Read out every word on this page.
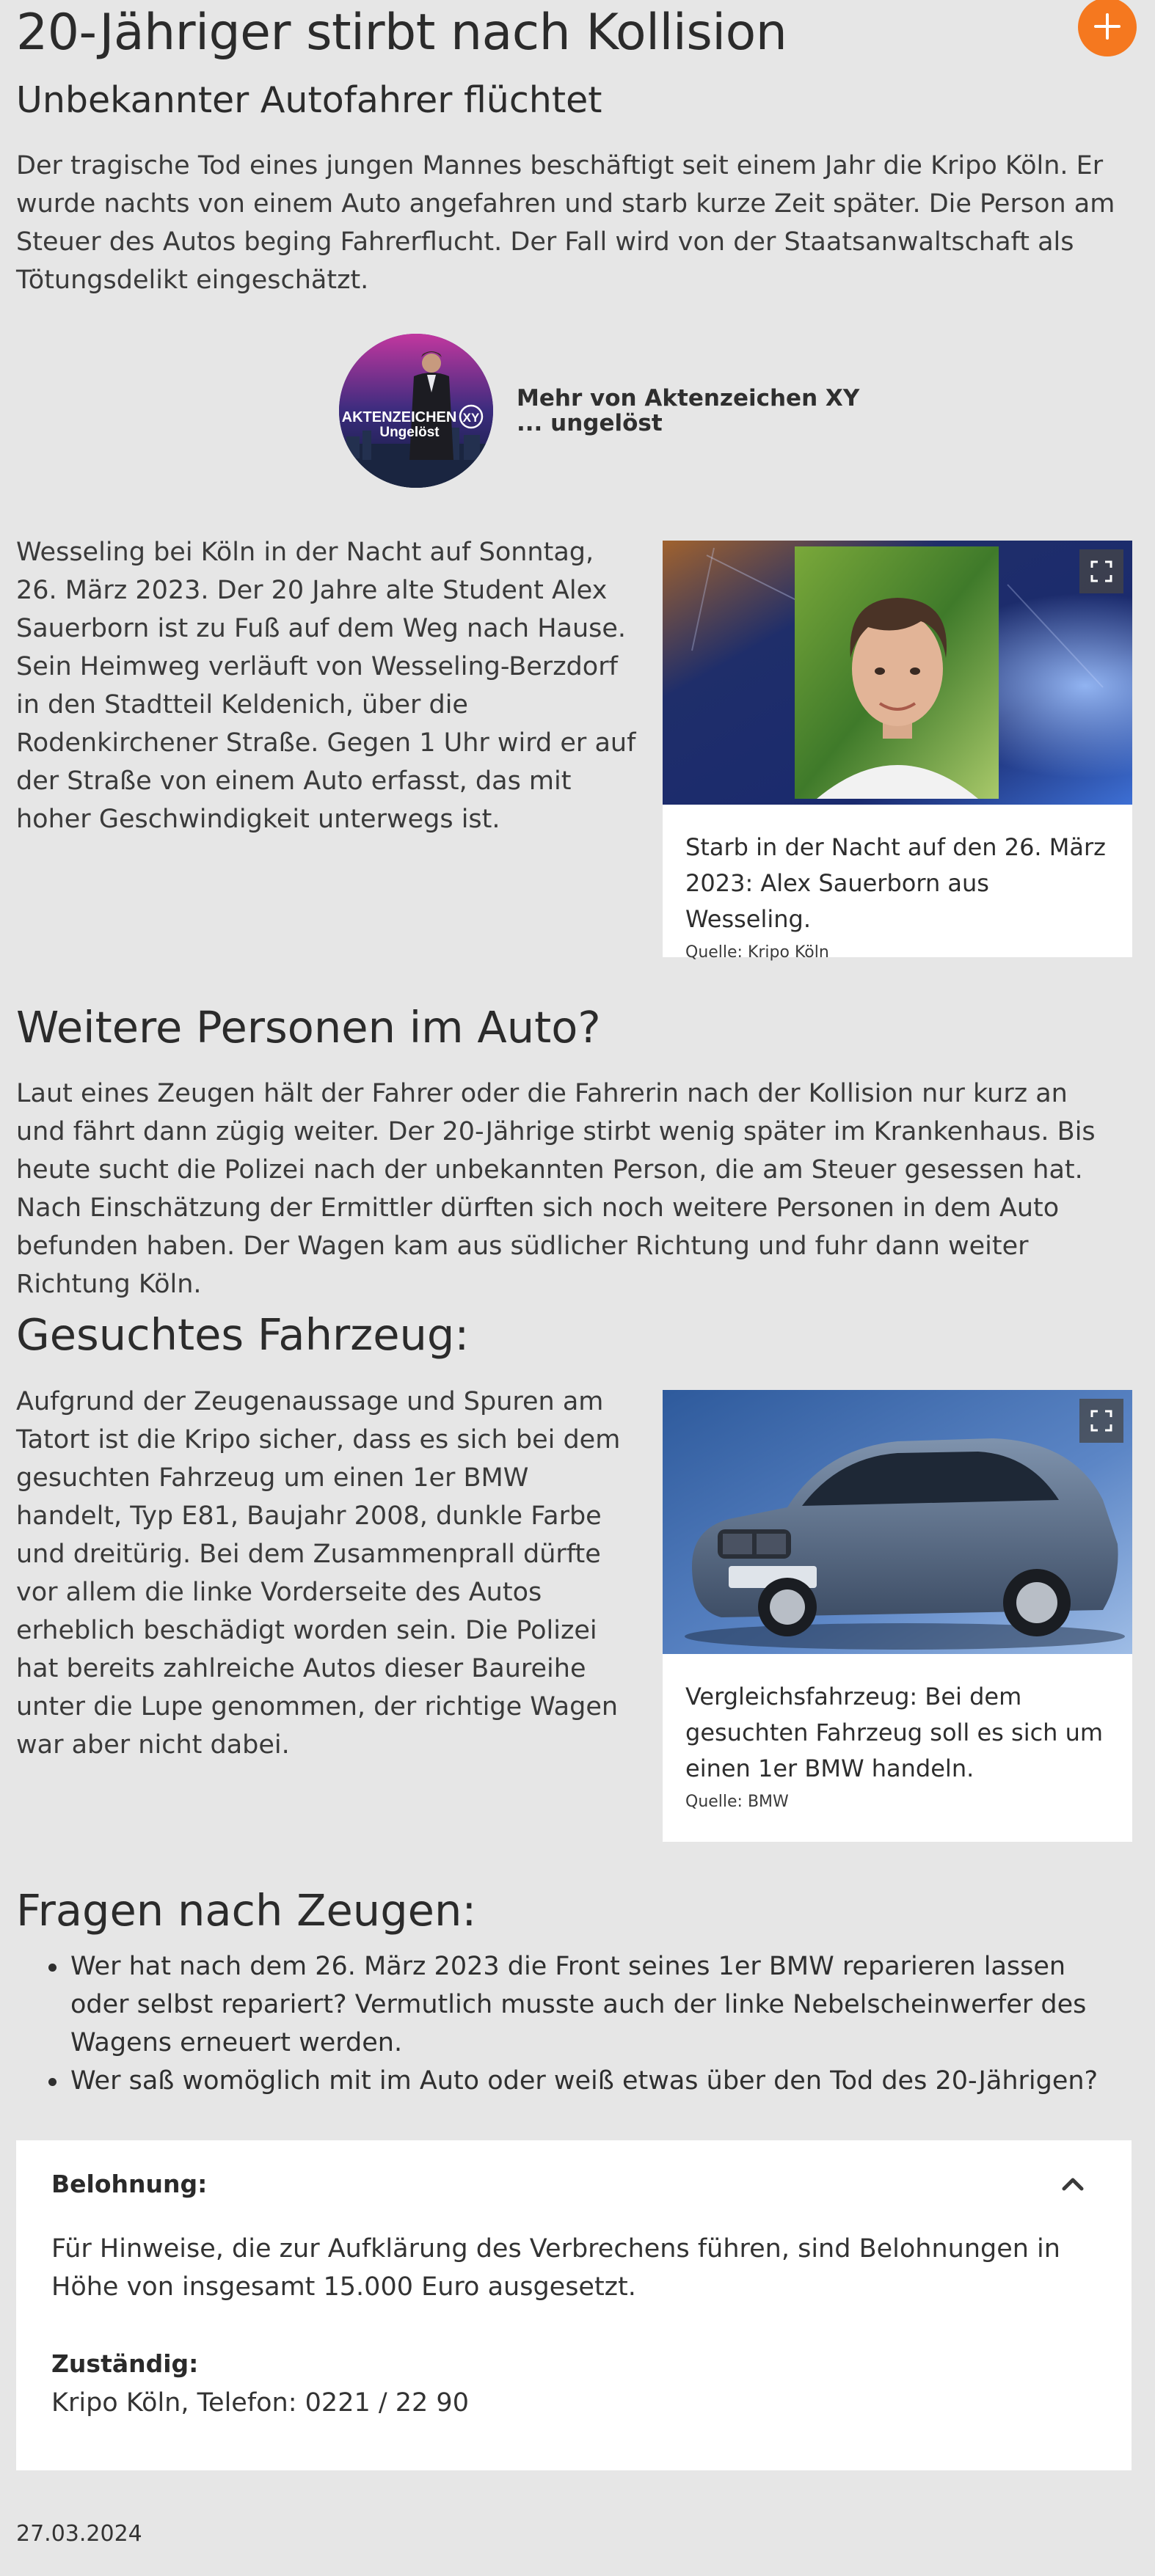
20-Jähriger stirbt nach Kollision
Unbekannter Autofahrer flüchtet

Der tragische Tod eines jungen Mannes beschäftigt seit einem Jahr die Kripo Köln. Er wurde nachts von einem Auto angefahren und starb kurze Zeit später. Die Person am Steuer des Autos beging Fahrerflucht. Der Fall wird von der Staatsanwaltschaft als Tötungsdelikt eingeschätzt.

AKTENZEICHEN
Ungelöst
XY
Mehr von Aktenzeichen XY
... ungelöst

Wesseling bei Köln in der Nacht auf Sonntag, 26. März 2023. Der 20 Jahre alte Student Alex Sauerborn ist zu Fuß auf dem Weg nach Hause. Sein Heimweg verläuft von Wesseling-Berzdorf in den Stadtteil Keldenich, über die Rodenkirchener Straße. Gegen 1 Uhr wird er auf der Straße von einem Auto erfasst, das mit hoher Geschwindigkeit unterwegs ist.

Starb in der Nacht auf den 26. März 2023: Alex Sauerborn aus Wesseling.
Quelle: Kripo Köln
Weitere Personen im Auto?

Laut eines Zeugen hält der Fahrer oder die Fahrerin nach der Kollision nur kurz an und fährt dann zügig weiter. Der 20-Jährige stirbt wenig später im Krankenhaus. Bis heute sucht die Polizei nach der unbekannten Person, die am Steuer gesessen hat. Nach Einschätzung der Ermittler dürften sich noch weitere Personen in dem Auto befunden haben. Der Wagen kam aus südlicher Richtung und fuhr dann weiter Richtung Köln.

Gesuchtes Fahrzeug:

Aufgrund der Zeugenaussage und Spuren am Tatort ist die Kripo sicher, dass es sich bei dem gesuchten Fahrzeug um einen 1er BMW handelt, Typ E81, Baujahr 2008, dunkle Farbe und dreitürig. Bei dem Zusammenprall dürfte vor allem die linke Vorderseite des Autos erheblich beschädigt worden sein. Die Polizei hat bereits zahlreiche Autos dieser Baureihe unter die Lupe genommen, der richtige Wagen war aber nicht dabei.

Vergleichsfahrzeug: Bei dem gesuchten Fahrzeug soll es sich um einen 1er BMW handeln.
Quelle: BMW
Fragen nach Zeugen:
Wer hat nach dem 26. März 2023 die Front seines 1er BMW reparieren lassen oder selbst repariert? Vermutlich musste auch der linke Nebelscheinwerfer des Wagens erneuert werden.
Wer saß womöglich mit im Auto oder weiß etwas über den Tod des 20-Jährigen?
Belohnung:
Für Hinweise, die zur Aufklärung des Verbrechens führen, sind Belohnungen in Höhe von insgesamt 15.000 Euro ausgesetzt.
Zuständig:
Kripo Köln, Telefon: 0221 / 22 90
27.03.2024
